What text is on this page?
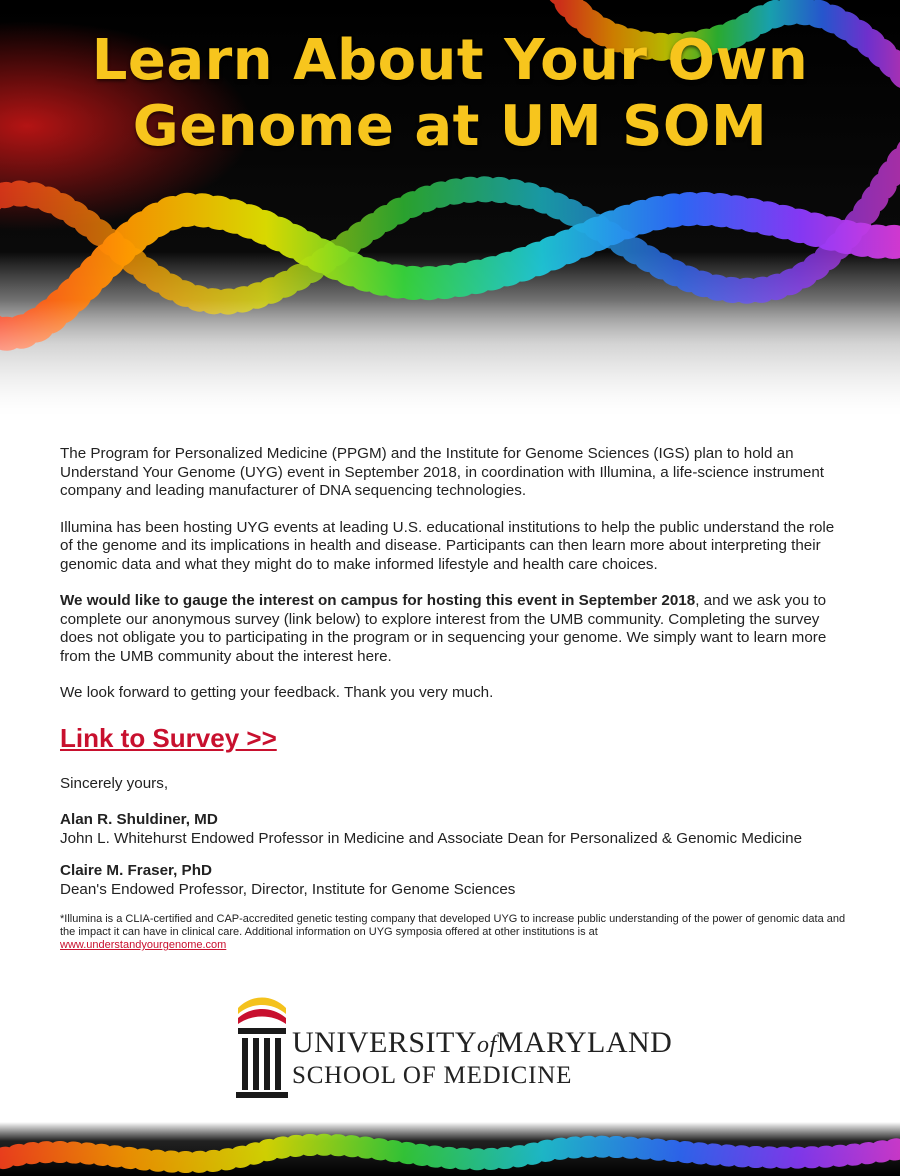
Learn About Your Own
Genome at UM SOM

The Program for Personalized Medicine (PPGM) and the Institute for Genome Sciences (IGS) plan to hold an Understand Your Genome (UYG) event in September 2018, in coordination with Illumina, a life-science instrument company and leading manufacturer of DNA sequencing technologies.

Illumina has been hosting UYG events at leading U.S. educational institutions to help the public understand the role of the genome and its implications in health and disease. Participants can then learn more about interpreting their genomic data and what they might do to make informed lifestyle and health care choices.

We would like to gauge the interest on campus for hosting this event in September 2018, and we ask you to complete our anonymous survey (link below) to explore interest from the UMB community. Completing the survey does not obligate you to participating in the program or in sequencing your genome. We simply want to learn more from the UMB community about the interest here.

We look forward to getting your feedback. Thank you very much.

Link to Survey >>

Sincerely yours,

Alan R. Shuldiner, MD
John L. Whitehurst Endowed Professor in Medicine and Associate Dean for Personalized & Genomic Medicine

Claire M. Fraser, PhD
Dean's Endowed Professor, Director, Institute for Genome Sciences

*Illumina is a CLIA-certified and CAP-accredited genetic testing company that developed UYG to increase public understanding of the power of genomic data and the impact it can have in clinical care. Additional information on UYG symposia offered at other institutions is at
www.understandyourgenome.com
UNIVERSITYofMARYLAND
SCHOOL OF MEDICINE
